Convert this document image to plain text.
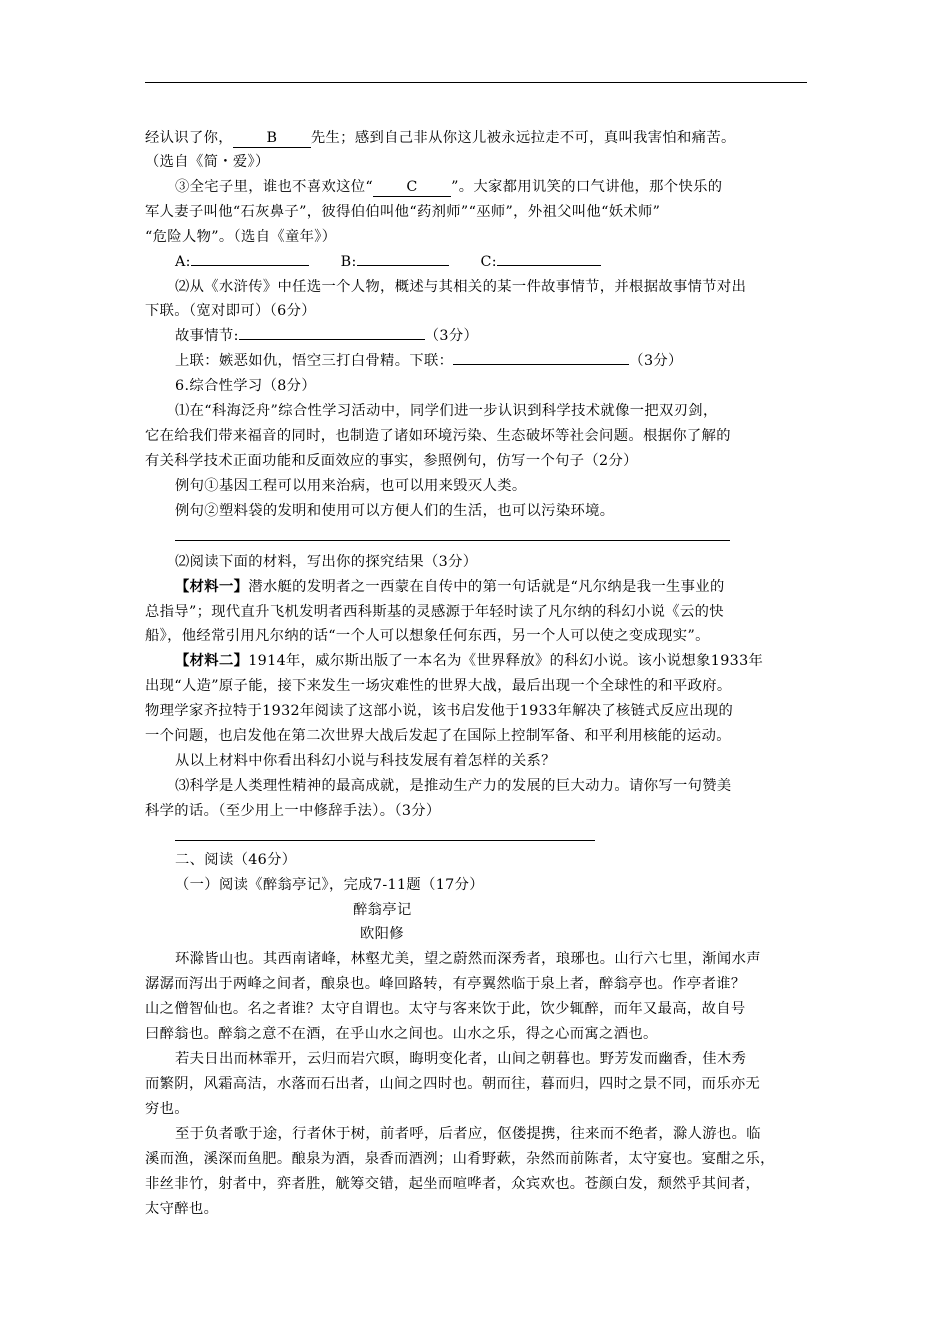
经认识了你， B 先生；感到自己非从你这儿被永远拉走不可，真叫我害怕和痛苦。
（选自《简・爱》）
③全宅子里，谁也不喜欢这位“ C ”。大家都用讥笑的口气讲他，那个快乐的
军人妻子叫他“石灰鼻子”，彼得伯伯叫他“药剂师”“巫师”，外祖父叫他“妖术师”
“危险人物”。（选自《童年》）
A:	B:	C:
⑵从《水浒传》中任选一个人物，概述与其相关的某一件故事情节，并根据故事情节对出
下联。（宽对即可）（6分）
故事情节:	（3分）
上联：嫉恶如仇，悟空三打白骨精。下联：	（3分）
6.综合性学习（8分）
⑴在“科海泛舟”综合性学习活动中，同学们进一步认识到科学技术就像一把双刃剑，
它在给我们带来福音的同时，也制造了诸如环境污染、生态破坏等社会问题。根据你了解的
有关科学技术正面功能和反面效应的事实，参照例句，仿写一个句子（2分）
例句①基因工程可以用来治病，也可以用来毁灭人类。
例句②塑料袋的发明和使用可以方便人们的生活，也可以污染环境。
⑵阅读下面的材料，写出你的探究结果（3分）
【材料一】潜水艇的发明者之一西蒙在自传中的第一句话就是“凡尔纳是我一生事业的
总指导”；现代直升飞机发明者西科斯基的灵感源于年轻时读了凡尔纳的科幻小说《云的快
船》，他经常引用凡尔纳的话“一个人可以想象任何东西，另一个人可以使之变成现实”。
【材料二】1914年，威尔斯出版了一本名为《世界释放》的科幻小说。该小说想象1933年
出现“人造”原子能，接下来发生一场灾难性的世界大战，最后出现一个全球性的和平政府。
物理学家齐拉特于1932年阅读了这部小说，该书启发他于1933年解决了核链式反应出现的
一个问题，也启发他在第二次世界大战后发起了在国际上控制军备、和平利用核能的运动。
从以上材料中你看出科幻小说与科技发展有着怎样的关系？
⑶科学是人类理性精神的最高成就，是推动生产力的发展的巨大动力。请你写一句赞美
科学的话。（至少用上一中修辞手法）。（3分）
二、阅读（46分）
（一）阅读《醉翁亭记》，完成7-11题（17分）
醉翁亭记
欧阳修
环滁皆山也。其西南诸峰，林壑尤美，望之蔚然而深秀者，琅琊也。山行六七里，渐闻水声
潺潺而泻出于两峰之间者，酿泉也。峰回路转，有亭翼然临于泉上者，醉翁亭也。作亭者谁？
山之僧智仙也。名之者谁？太守自谓也。太守与客来饮于此，饮少辄醉，而年又最高，故自号
曰醉翁也。醉翁之意不在酒，在乎山水之间也。山水之乐，得之心而寓之酒也。
若夫日出而林霏开，云归而岩穴暝，晦明变化者，山间之朝暮也。野芳发而幽香，佳木秀
而繁阴，风霜高洁，水落而石出者，山间之四时也。朝而往，暮而归，四时之景不同，而乐亦无
穷也。
至于负者歌于途，行者休于树，前者呼，后者应，伛偻提携，往来而不绝者，滁人游也。临
溪而渔，溪深而鱼肥。酿泉为酒，泉香而酒洌；山肴野蔌，杂然而前陈者，太守宴也。宴酣之乐，
非丝非竹，射者中，弈者胜，觥筹交错，起坐而喧哗者，众宾欢也。苍颜白发，颓然乎其间者，
太守醉也。
